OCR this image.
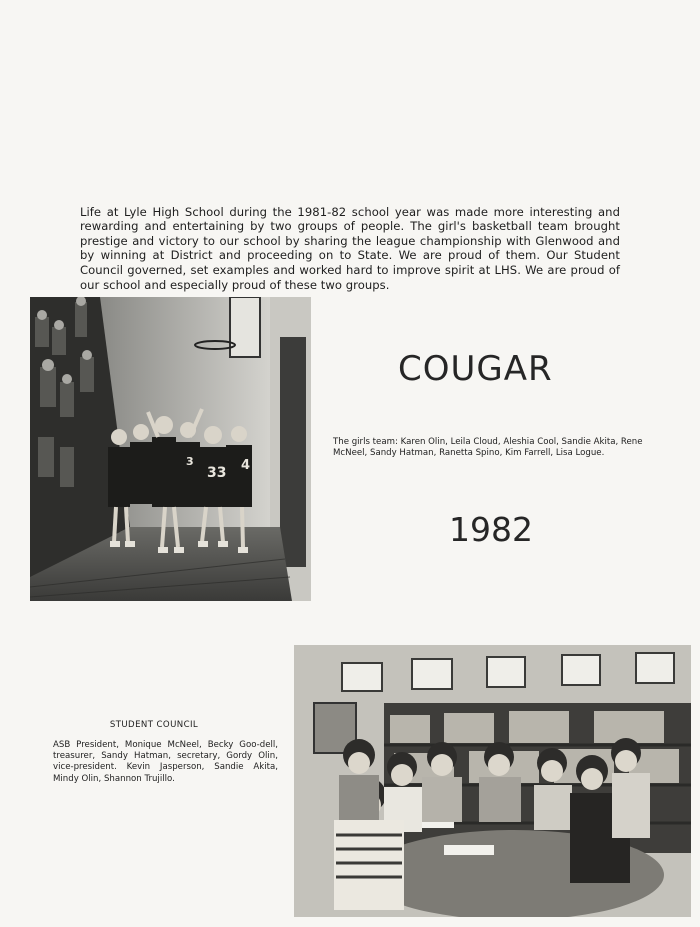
Life at Lyle High School during the 1981-82 school year was made more interesting and rewarding and entertaining by two groups of people. The girl's basketball team brought prestige and victory to our school by sharing the league championship with Glenwood and by winning at District and proceeding on to State. We are proud of them. Our Student Council governed, set examples and worked hard to improve spirit at LHS. We are proud of our school and especially proud of these two groups.

33 4
3
COUGAR

The girls team: Karen Olin, Leila Cloud, Aleshia Cool, Sandie Akita, Rene McNeel, Sandy Hatman, Ranetta Spino, Kim Farrell, Lisa Logue.

1982
STUDENT COUNCIL

ASB President, Monique McNeel, Becky Goo-dell, treasurer, Sandy Hatman, secretary, Gordy Olin, vice-president. Kevin Jasperson, Sandie Akita, Mindy Olin, Shannon Trujillo.
